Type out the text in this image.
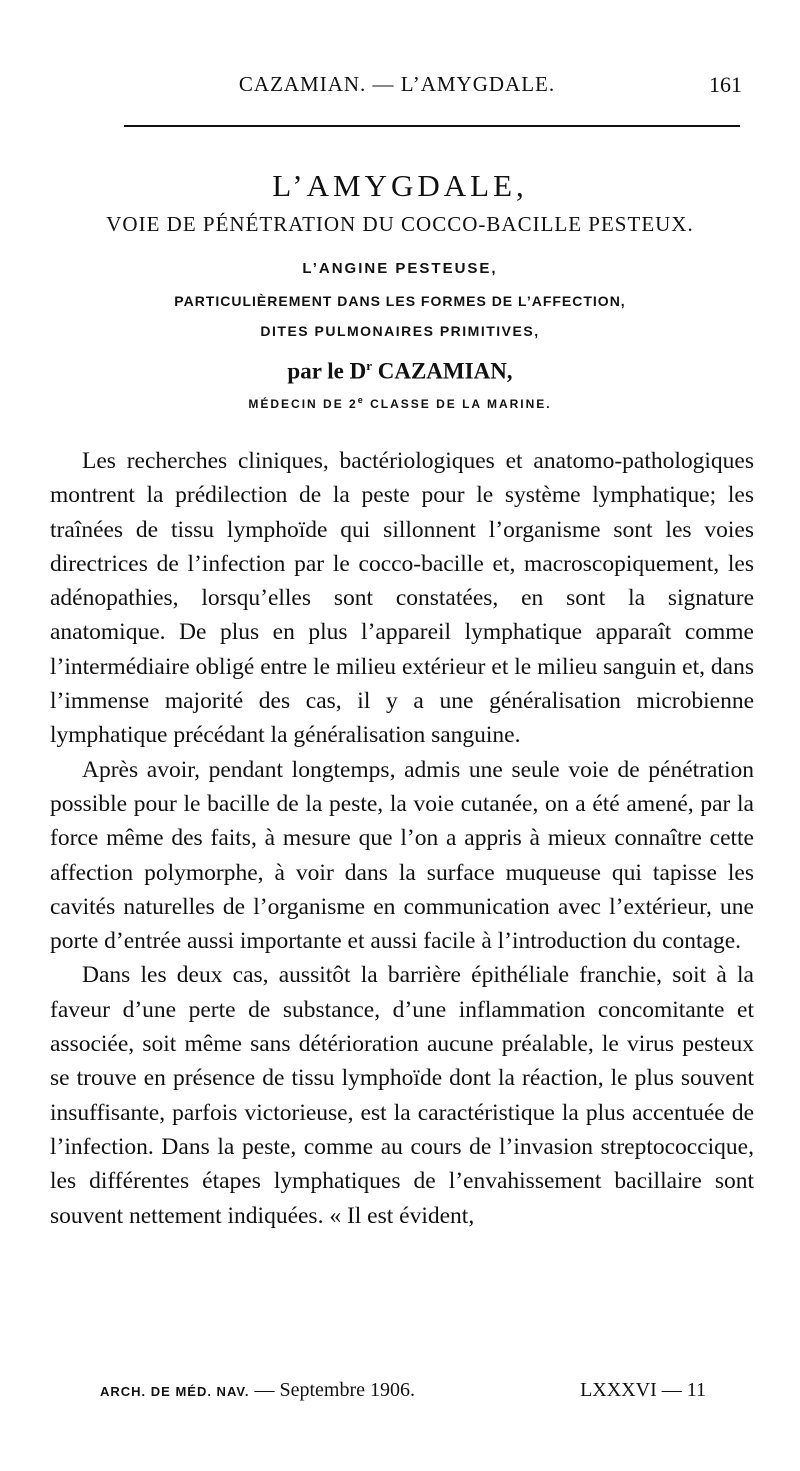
CAZAMIAN. — L’AMYGDALE.	161
L’AMYGDALE,
VOIE DE PÉNÉTRATION DU COCCO-BACILLE PESTEUX.
L’ANGINE PESTEUSE,
PARTICULIÈREMENT DANS LES FORMES DE L’AFFECTION,
DITES PULMONAIRES PRIMITIVES,
par le $D^r$ CAZAMIAN,
MÉDECIN DE 2e CLASSE DE LA MARINE.

Les recherches cliniques, bactériologiques et anatomo-pathologiques montrent la prédilection de la peste pour le système lymphatique; les traînées de tissu lymphoïde qui sillonnent l’organisme sont les voies directrices de l’infection par le cocco-bacille et, macroscopiquement, les adénopathies, lorsqu’elles sont constatées, en sont la signature anatomique. De plus en plus l’appareil lymphatique apparaît comme l’intermédiaire obligé entre le milieu extérieur et le milieu sanguin et, dans l’immense majorité des cas, il y a une généralisation microbienne lymphatique précédant la généralisation sanguine.

Après avoir, pendant longtemps, admis une seule voie de pénétration possible pour le bacille de la peste, la voie cutanée, on a été amené, par la force même des faits, à mesure que l’on a appris à mieux connaître cette affection polymorphe, à voir dans la surface muqueuse qui tapisse les cavités naturelles de l’organisme en communication avec l’extérieur, une porte d’entrée aussi importante et aussi facile à l’introduction du contage.

Dans les deux cas, aussitôt la barrière épithéliale franchie, soit à la faveur d’une perte de substance, d’une inflammation concomitante et associée, soit même sans détérioration aucune préalable, le virus pesteux se trouve en présence de tissu lymphoïde dont la réaction, le plus souvent insuffisante, parfois victorieuse, est la caractéristique la plus accentuée de l’infection. Dans la peste, comme au cours de l’invasion streptococcique, les différentes étapes lymphatiques de l’envahissement bacillaire sont souvent nettement indiquées. « Il est évident,

ARCH. DE MÉD. NAV. — Septembre 1906.	LXXXVI — 11
